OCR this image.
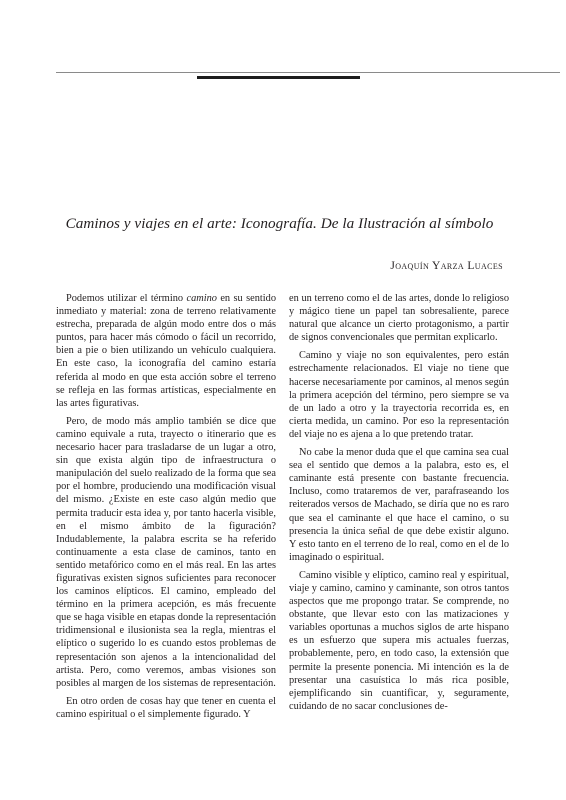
Caminos y viajes en el arte: Iconografía. De la Ilustración al símbolo
Joaquín Yarza Luaces

Podemos utilizar el término camino en su sentido inmediato y material: zona de terreno relativamente estrecha, preparada de algún modo entre dos o más puntos, para hacer más cómodo o fácil un recorrido, bien a pie o bien utilizando un vehículo cualquiera. En este caso, la iconografía del camino estaría referida al modo en que esta acción sobre el terreno se refleja en las formas artísticas, especialmente en las artes figurativas.

Pero, de modo más amplio también se dice que camino equivale a ruta, trayecto o itinerario que es necesario hacer para trasladarse de un lugar a otro, sin que exista algún tipo de infraestructura o manipulación del suelo realizado de la forma que sea por el hombre, produciendo una modificación visual del mismo. ¿Existe en este caso algún medio que permita traducir esta idea y, por tanto hacerla visible, en el mismo ámbito de la figuración? Indudablemente, la palabra escrita se ha referido continuamente a esta clase de caminos, tanto en sentido metafórico como en el más real. En las artes figurativas existen signos suficientes para reconocer los caminos elípticos. El camino, empleado del término en la primera acepción, es más frecuente que se haga visible en etapas donde la representación tridimensional e ilusionista sea la regla, mientras el elíptico o sugerido lo es cuando estos problemas de representación son ajenos a la intencionalidad del artista. Pero, como veremos, ambas visiones son posibles al margen de los sistemas de representación.

En otro orden de cosas hay que tener en cuenta el camino espiritual o el simplemente figurado. Y

en un terreno como el de las artes, donde lo religioso y mágico tiene un papel tan sobresaliente, parece natural que alcance un cierto protagonismo, a partir de signos convencionales que permitan explicarlo.

Camino y viaje no son equivalentes, pero están estrechamente relacionados. El viaje no tiene que hacerse necesariamente por caminos, al menos según la primera acepción del término, pero siempre se va de un lado a otro y la trayectoria recorrida es, en cierta medida, un camino. Por eso la representación del viaje no es ajena a lo que pretendo tratar.

No cabe la menor duda que el que camina sea cual sea el sentido que demos a la palabra, esto es, el caminante está presente con bastante frecuencia. Incluso, como trataremos de ver, parafraseando los reiterados versos de Machado, se diría que no es raro que sea el caminante el que hace el camino, o su presencia la única señal de que debe existir alguno. Y esto tanto en el terreno de lo real, como en el de lo imaginado o espiritual.

Camino visible y elíptico, camino real y espiritual, viaje y camino, camino y caminante, son otros tantos aspectos que me propongo tratar. Se comprende, no obstante, que llevar esto con las matizaciones y variables oportunas a muchos siglos de arte hispano es un esfuerzo que supera mis actuales fuerzas, probablemente, pero, en todo caso, la extensión que permite la presente ponencia. Mi intención es la de presentar una casuística lo más rica posible, ejemplificando sin cuantificar, y, seguramente, cuidando de no sacar conclusiones de-
